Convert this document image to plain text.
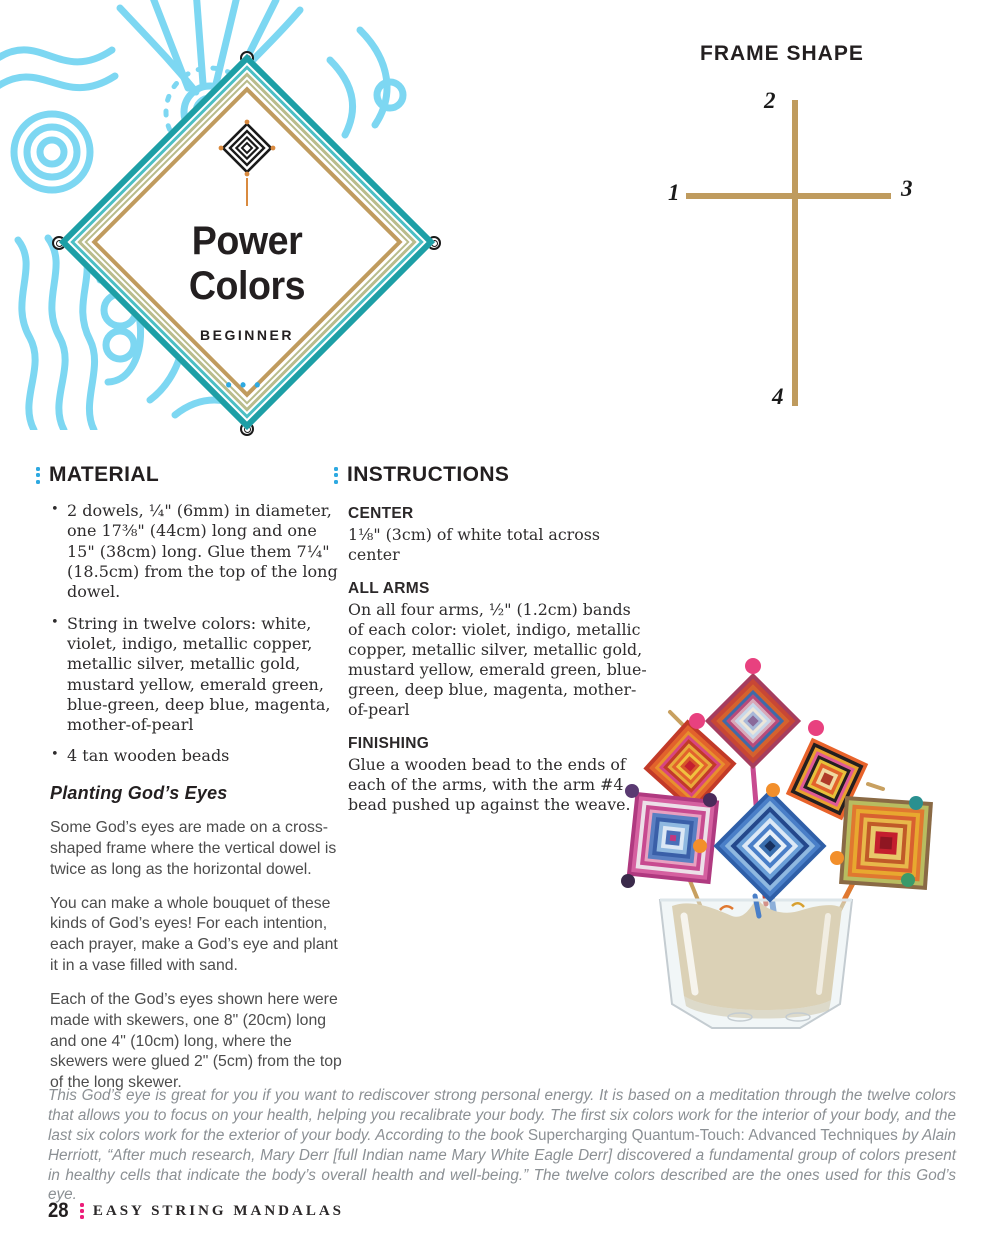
Power Colors
BEGINNER
•••
FRAME SHAPE
1
2
3
4
MATERIAL
• 2 dowels, ¼" (6mm) in diameter, one 17⅜" (44cm) long and one 15" (38cm) long. Glue them 7¼" (18.5cm) from the top of the long dowel.
• String in twelve colors: white, violet, indigo, metallic copper, metallic silver, metallic gold, mustard yellow, emerald green, blue-green, deep blue, magenta, mother-of-pearl
• 4 tan wooden beads
Planting God’s Eyes

Some God’s eyes are made on a cross-shaped frame where the vertical dowel is twice as long as the horizontal dowel.

You can make a whole bouquet of these kinds of God’s eyes! For each intention, each prayer, make a God’s eye and plant it in a vase filled with sand.

Each of the God’s eyes shown here were made with skewers, one 8" (20cm) long and one 4" (10cm) long, where the skewers were glued 2" (5cm) from the top of the long skewer.

INSTRUCTIONS
CENTER

1⅛" (3cm) of white total across center

ALL ARMS

On all four arms, ½" (1.2cm) bands of each color: violet, indigo, metallic copper, metallic silver, metallic gold, mustard yellow, emerald green, blue-green, deep blue, magenta, mother-of-pearl

FINISHING

Glue a wooden bead to the ends of each of the arms, with the arm #4 bead pushed up against the weave.

This God’s eye is great for you if you want to rediscover strong personal energy. It is based on a meditation through the twelve colors that allows you to focus on your health, helping you recalibrate your body. The first six colors work for the interior of your body, and the last six colors work for the exterior of your body. According to the book Supercharging Quantum-Touch: Advanced Techniques by Alain Herriott, “After much research, Mary Derr [full Indian name Mary White Eagle Derr] discovered a fundamental group of colors present in healthy cells that indicate the body’s overall health and well-being.” The twelve colors described are the ones used for this God’s eye.

28 EASY STRING MANDALAS
